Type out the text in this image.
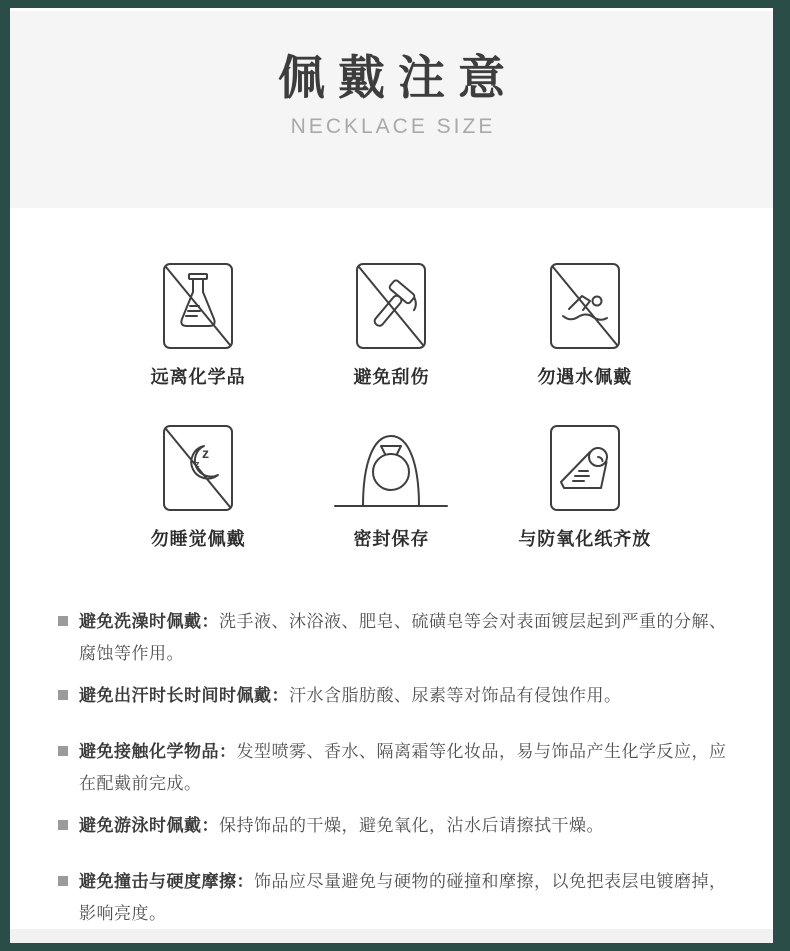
佩戴注意
NECKLACE SIZE
远离化学品	避免刮伤	勿遇水佩戴
z
z
勿睡觉佩戴	密封保存	与防氧化纸齐放

避免洗澡时佩戴：洗手液、沐浴液、肥皂、硫磺皂等会对表面镀层起到严重的分解、腐蚀等作用。

避免出汗时长时间时佩戴：汗水含脂肪酸、尿素等对饰品有侵蚀作用。

避免接触化学物品：发型喷雾、香水、隔离霜等化妆品，易与饰品产生化学反应，应在配戴前完成。

避免游泳时佩戴：保持饰品的干燥，避免氧化，沾水后请擦拭干燥。

避免撞击与硬度摩擦：饰品应尽量避免与硬物的碰撞和摩擦，以免把表层电镀磨掉，影响亮度。
